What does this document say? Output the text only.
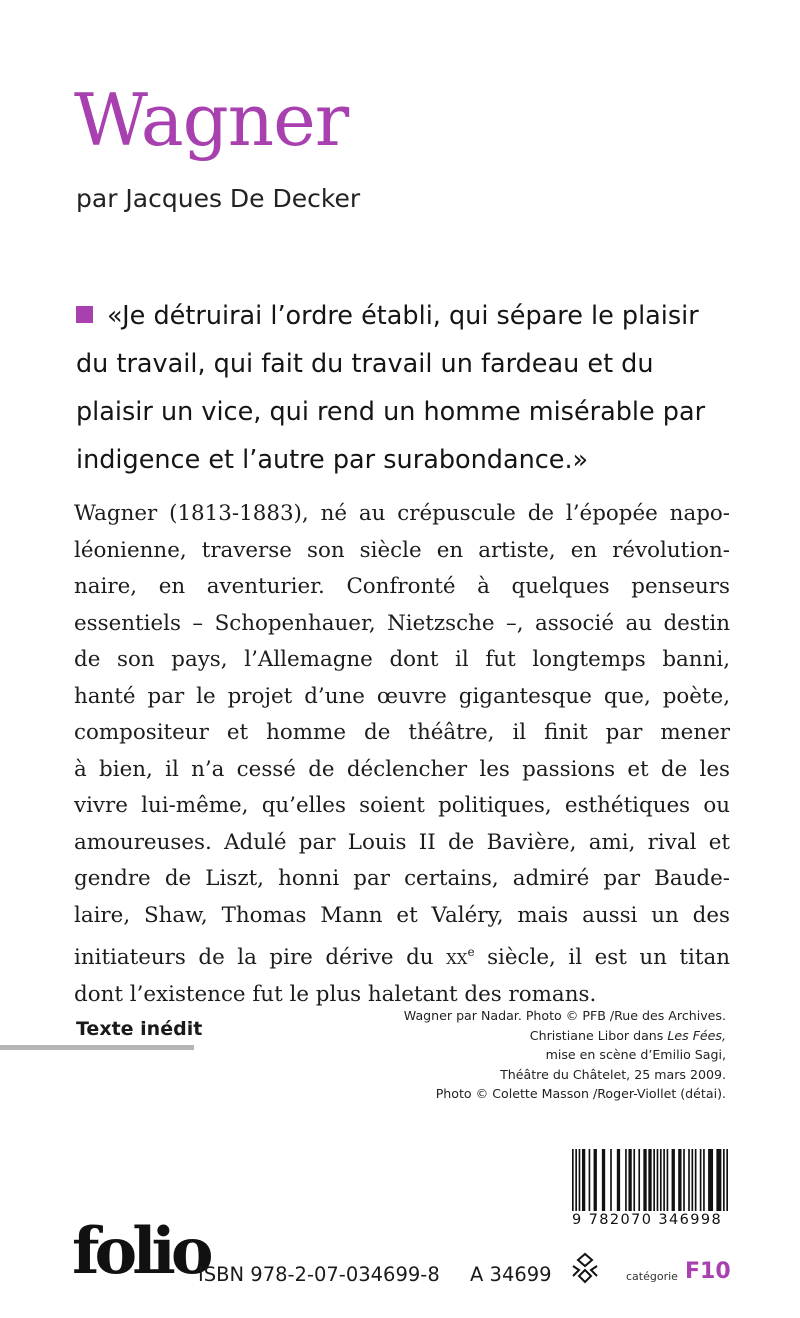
Wagner
par Jacques De Decker
«Je détruirai l’ordre établi, qui sépare le plaisir du travail, qui fait du travail un fardeau et du plaisir un vice, qui rend un homme misérable par indigence et l’autre par surabondance.»
Wagner (1813-1883), né au crépuscule de l’épopée napo-
léonienne, traverse son siècle en artiste, en révolution-
naire, en aventurier. Confronté à quelques penseurs
essentiels – Schopenhauer, Nietzsche –, associé au destin
de son pays, l’Allemagne dont il fut longtemps banni,
hanté par le projet d’une œuvre gigantesque que, poète,
compositeur et homme de théâtre, il finit par mener
à bien, il n’a cessé de déclencher les passions et de les
vivre lui-même, qu’elles soient politiques, esthétiques ou
amoureuses. Adulé par Louis II de Bavière, ami, rival et
gendre de Liszt, honni par certains, admiré par Baude-
laire, Shaw, Thomas Mann et Valéry, mais aussi un des
initiateurs de la pire dérive du $xx^e$ siècle, il est un titan
dont l’existence fut le plus haletant des romans.
Texte inédit
Wagner par Nadar. Photo © PFB /Rue des Archives.
Christiane Libor dans Les Fées,
mise en scène d’Emilio Sagi,
Théâtre du Châtelet, 25 mars 2009.
Photo © Colette Masson /Roger-Viollet (détai).
9 782070 346998
folio
ISBN 978-2-07-034699-8 A 34699	catégorie F10
